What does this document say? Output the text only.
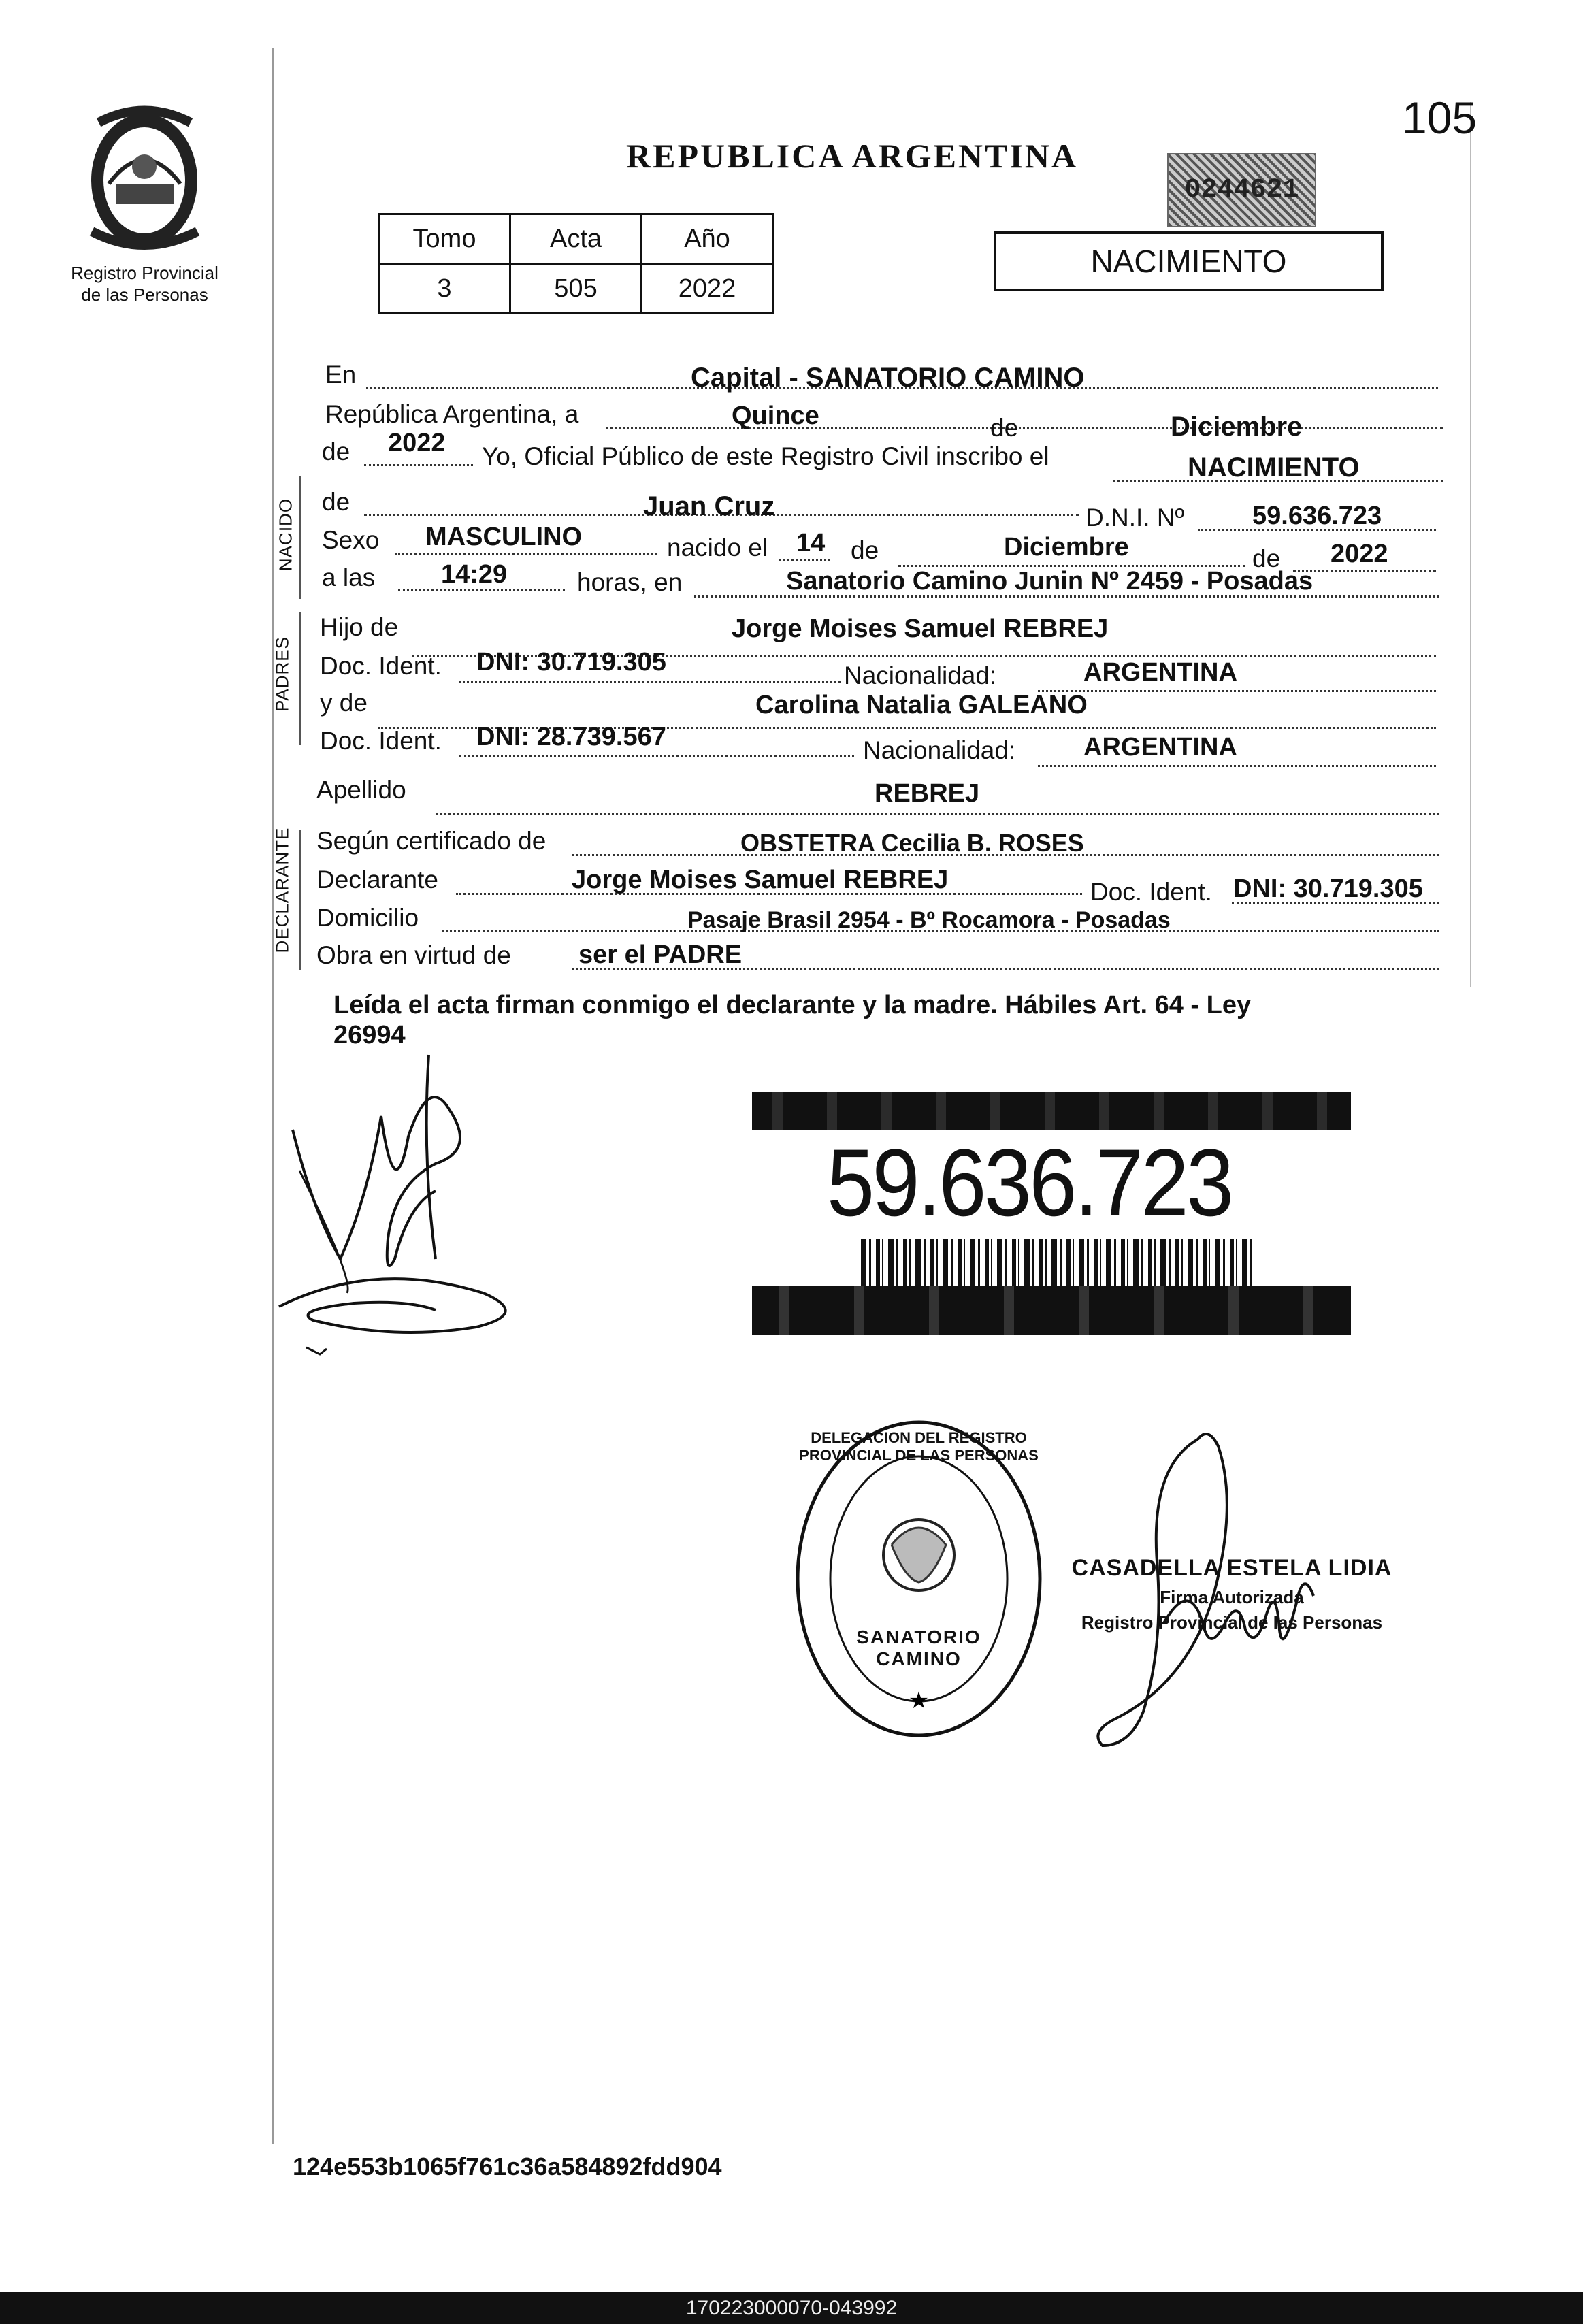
Registro Provincial
de las Personas
105
REPUBLICA ARGENTINA
0244621
Tomo	Acta	Año
3	505	2022
NACIMIENTO
NACIDO
PADRES
DECLARANTE
En	Capital - SANATORIO CAMINO
República Argentina, a	Quince	de	Diciembre
de 2022 Yo, Oficial Público de este Registro Civil inscribo el	NACIMIENTO
de	Juan Cruz	D.N.I. Nº	59.636.723
Sexo MASCULINO	nacido el 14 de	Diciembre	de 2022
a las	14:29	horas, en	Sanatorio Camino Junin Nº 2459 - Posadas
Hijo de	Jorge Moises Samuel REBREJ
Doc. Ident. DNI: 30.719.305	Nacionalidad:	ARGENTINA
y de	Carolina Natalia GALEANO
Doc. Ident. DNI: 28.739.567	Nacionalidad:	ARGENTINA
Apellido	REBREJ
Según certificado de	OBSTETRA Cecilia B. ROSES
Declarante	Jorge Moises Samuel REBREJ	Doc. Ident. DNI: 30.719.305
Domicilio	Pasaje Brasil 2954 - Bº Rocamora - Posadas
Obra en virtud de	ser el PADRE
Leída el acta firman conmigo el declarante y la madre. Hábiles Art. 64 - Ley
26994
59.636.723
★
DELEGACION DEL REGISTRO PROVINCIAL DE LAS PERSONAS
SANATORIO CAMINO
CASADELLA ESTELA LIDIA
Firma Autorizada
Registro Provincial de las Personas
124e553b1065f761c36a584892fdd904
170223000070-043992
